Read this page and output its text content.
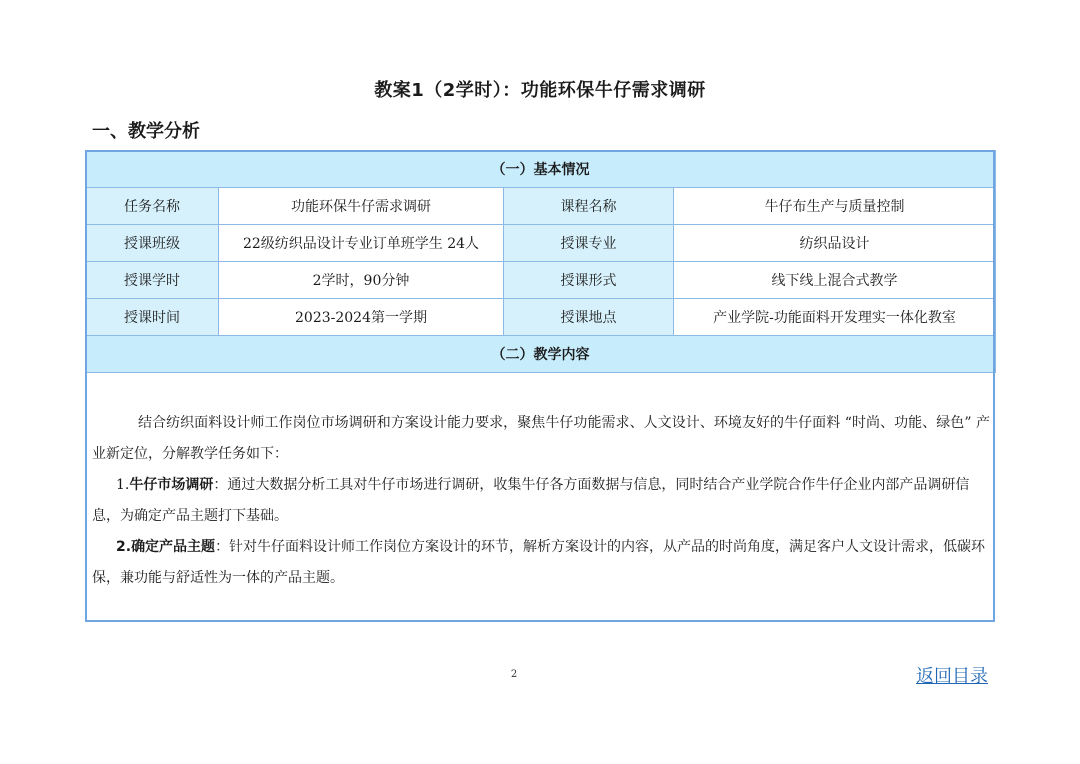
教案1（2学时）：功能环保牛仔需求调研
一、教学分析
（一）基本情况			
任务名称	功能环保牛仔需求调研	课程名称	牛仔布生产与质量控制
授课班级	22级纺织品设计专业订单班学生 24人	授课专业	纺织品设计
授课学时	2学时，90分钟	授课形式	线下线上混合式教学
授课时间	2023-2024第一学期	授课地点	产业学院-功能面料开发理实一体化教室
（二）教学内容			

结合纺织面料设计师工作岗位市场调研和方案设计能力要求，聚焦牛仔功能需求、人文设计、环境友好的牛仔面料 “时尚、功能、绿色” 产业新定位，分解教学任务如下：

1.牛仔市场调研：通过大数据分析工具对牛仔市场进行调研，收集牛仔各方面数据与信息，同时结合产业学院合作牛仔企业内部产品调研信息，为确定产品主题打下基础。

2.确定产品主题：针对牛仔面料设计师工作岗位方案设计的环节，解析方案设计的内容，从产品的时尚角度，满足客户人文设计需求，低碳环保，兼功能与舒适性为一体的产品主题。

2	返回目录
